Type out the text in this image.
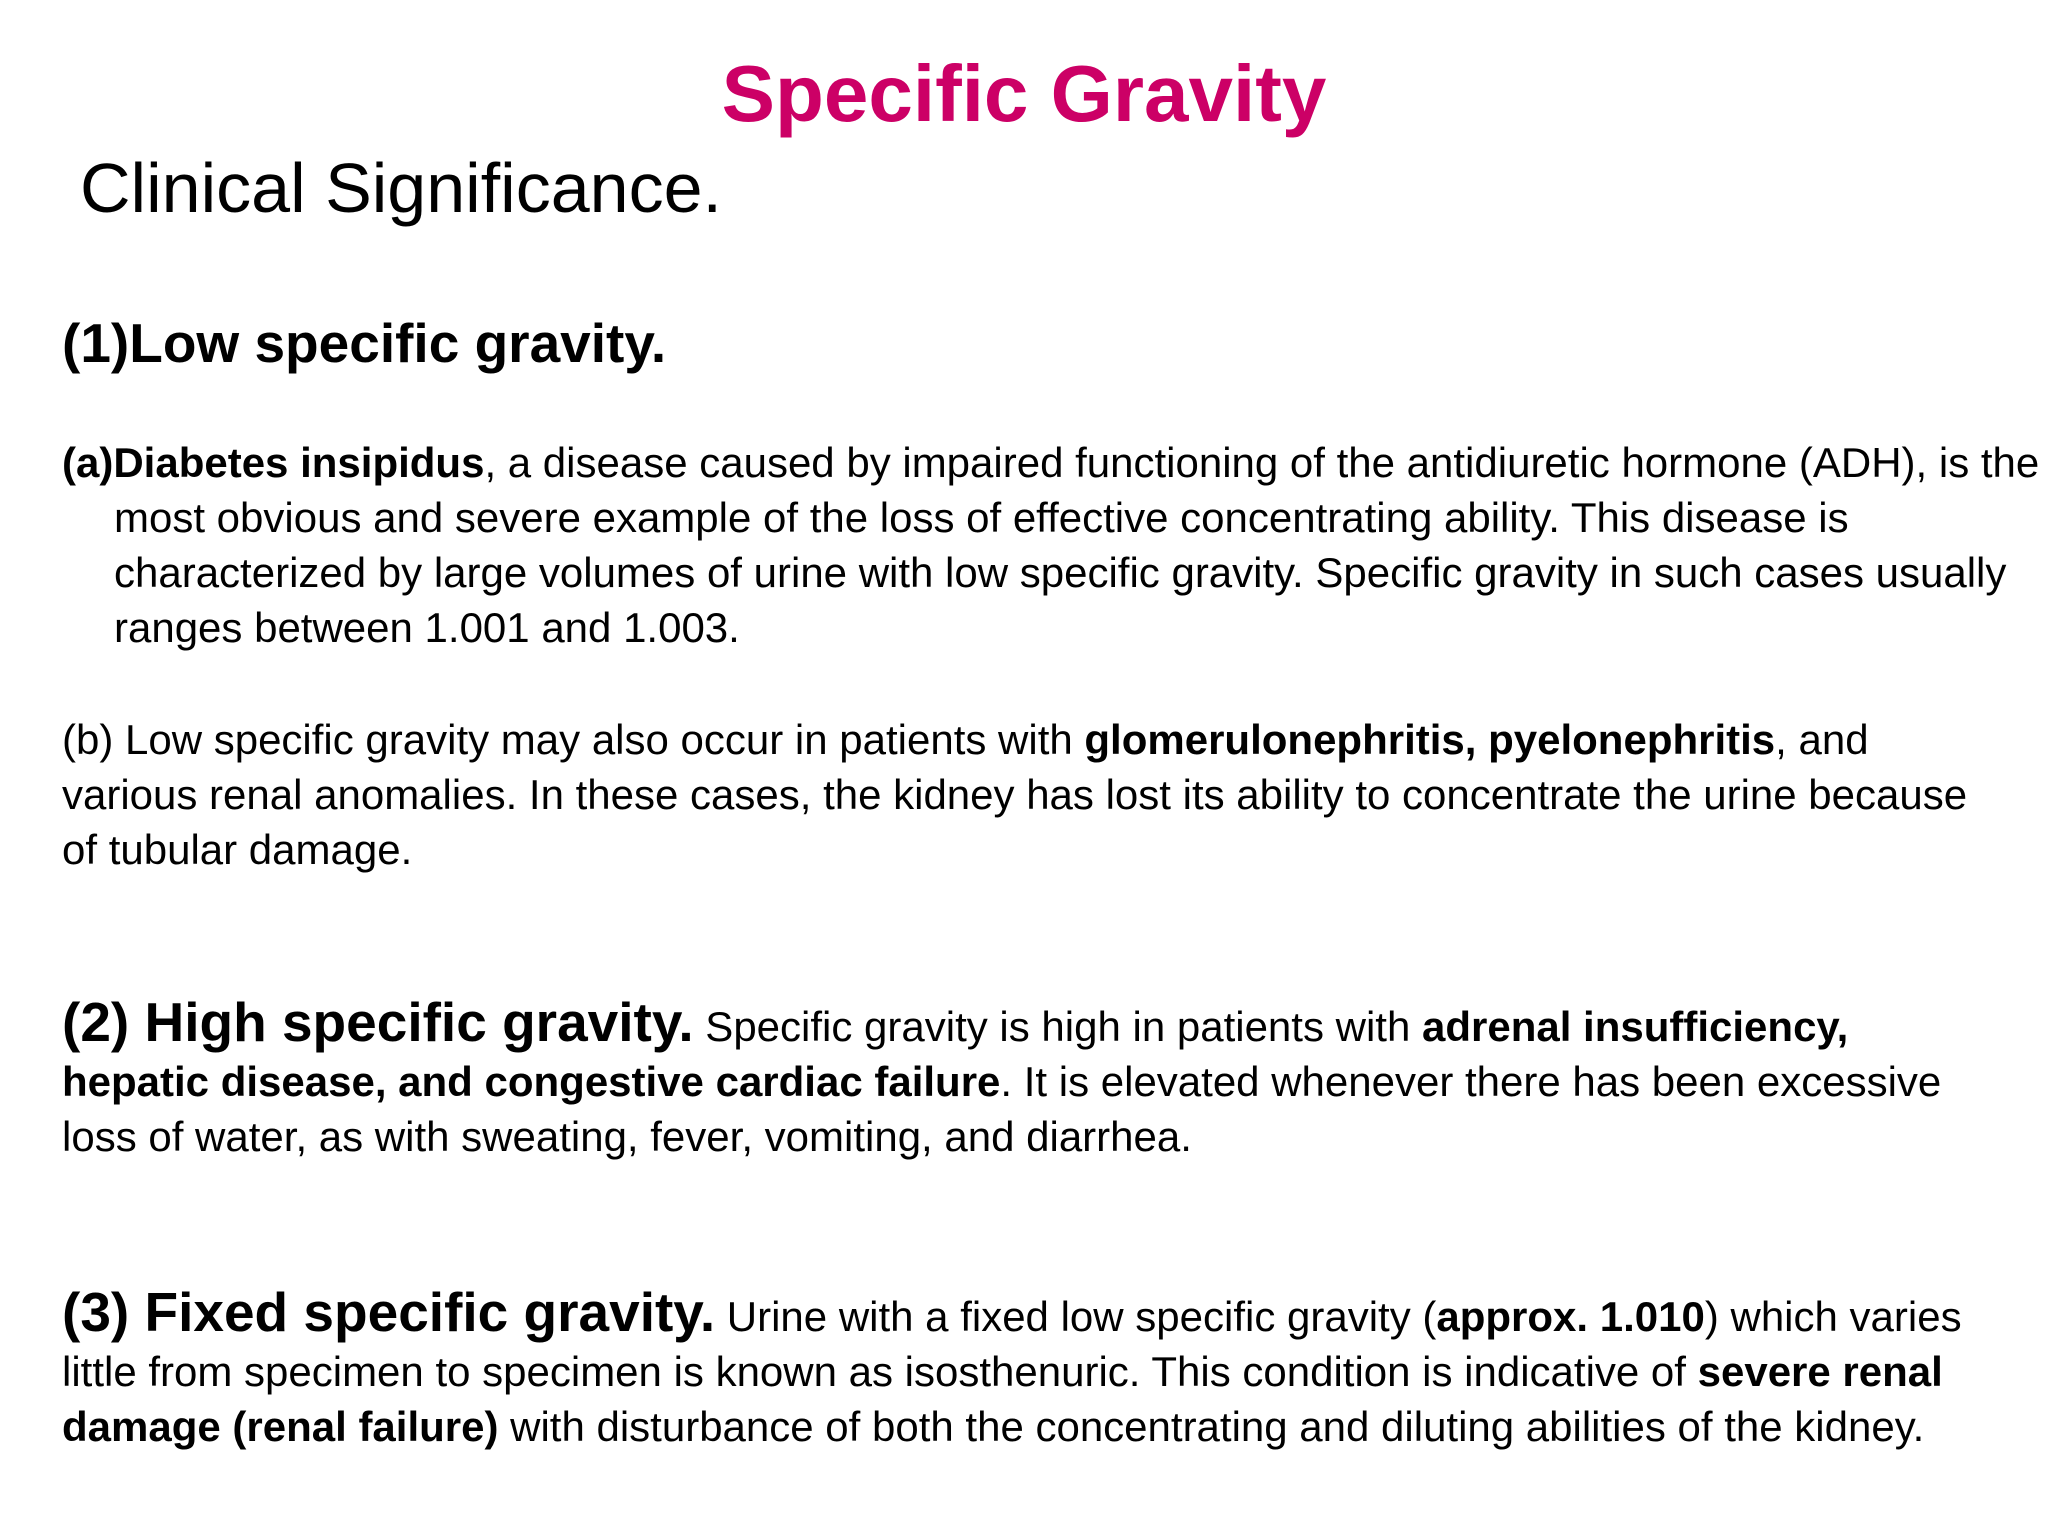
Specific Gravity
Clinical Significance.
(1)Low specific gravity.
(a)Diabetes insipidus, a disease caused by impaired functioning of the antidiuretic hormone (ADH), is the most obvious and severe example of the loss of effective concentrating ability. This disease is characterized by large volumes of urine with low specific gravity. Specific gravity in such cases usually ranges between 1.001 and 1.003.
(b) Low specific gravity may also occur in patients with glomerulonephritis, pyelonephritis, and various renal anomalies. In these cases, the kidney has lost its ability to concentrate the urine because of tubular damage.
(2) High specific gravity. Specific gravity is high in patients with adrenal insufficiency, hepatic disease, and congestive cardiac failure. It is elevated whenever there has been excessive loss of water, as with sweating, fever, vomiting, and diarrhea.
(3) Fixed specific gravity. Urine with a fixed low specific gravity (approx. 1.010) which varies little from specimen to specimen is known as isosthenuric. This condition is indicative of severe renal damage (renal failure) with disturbance of both the concentrating and diluting abilities of the kidney.
